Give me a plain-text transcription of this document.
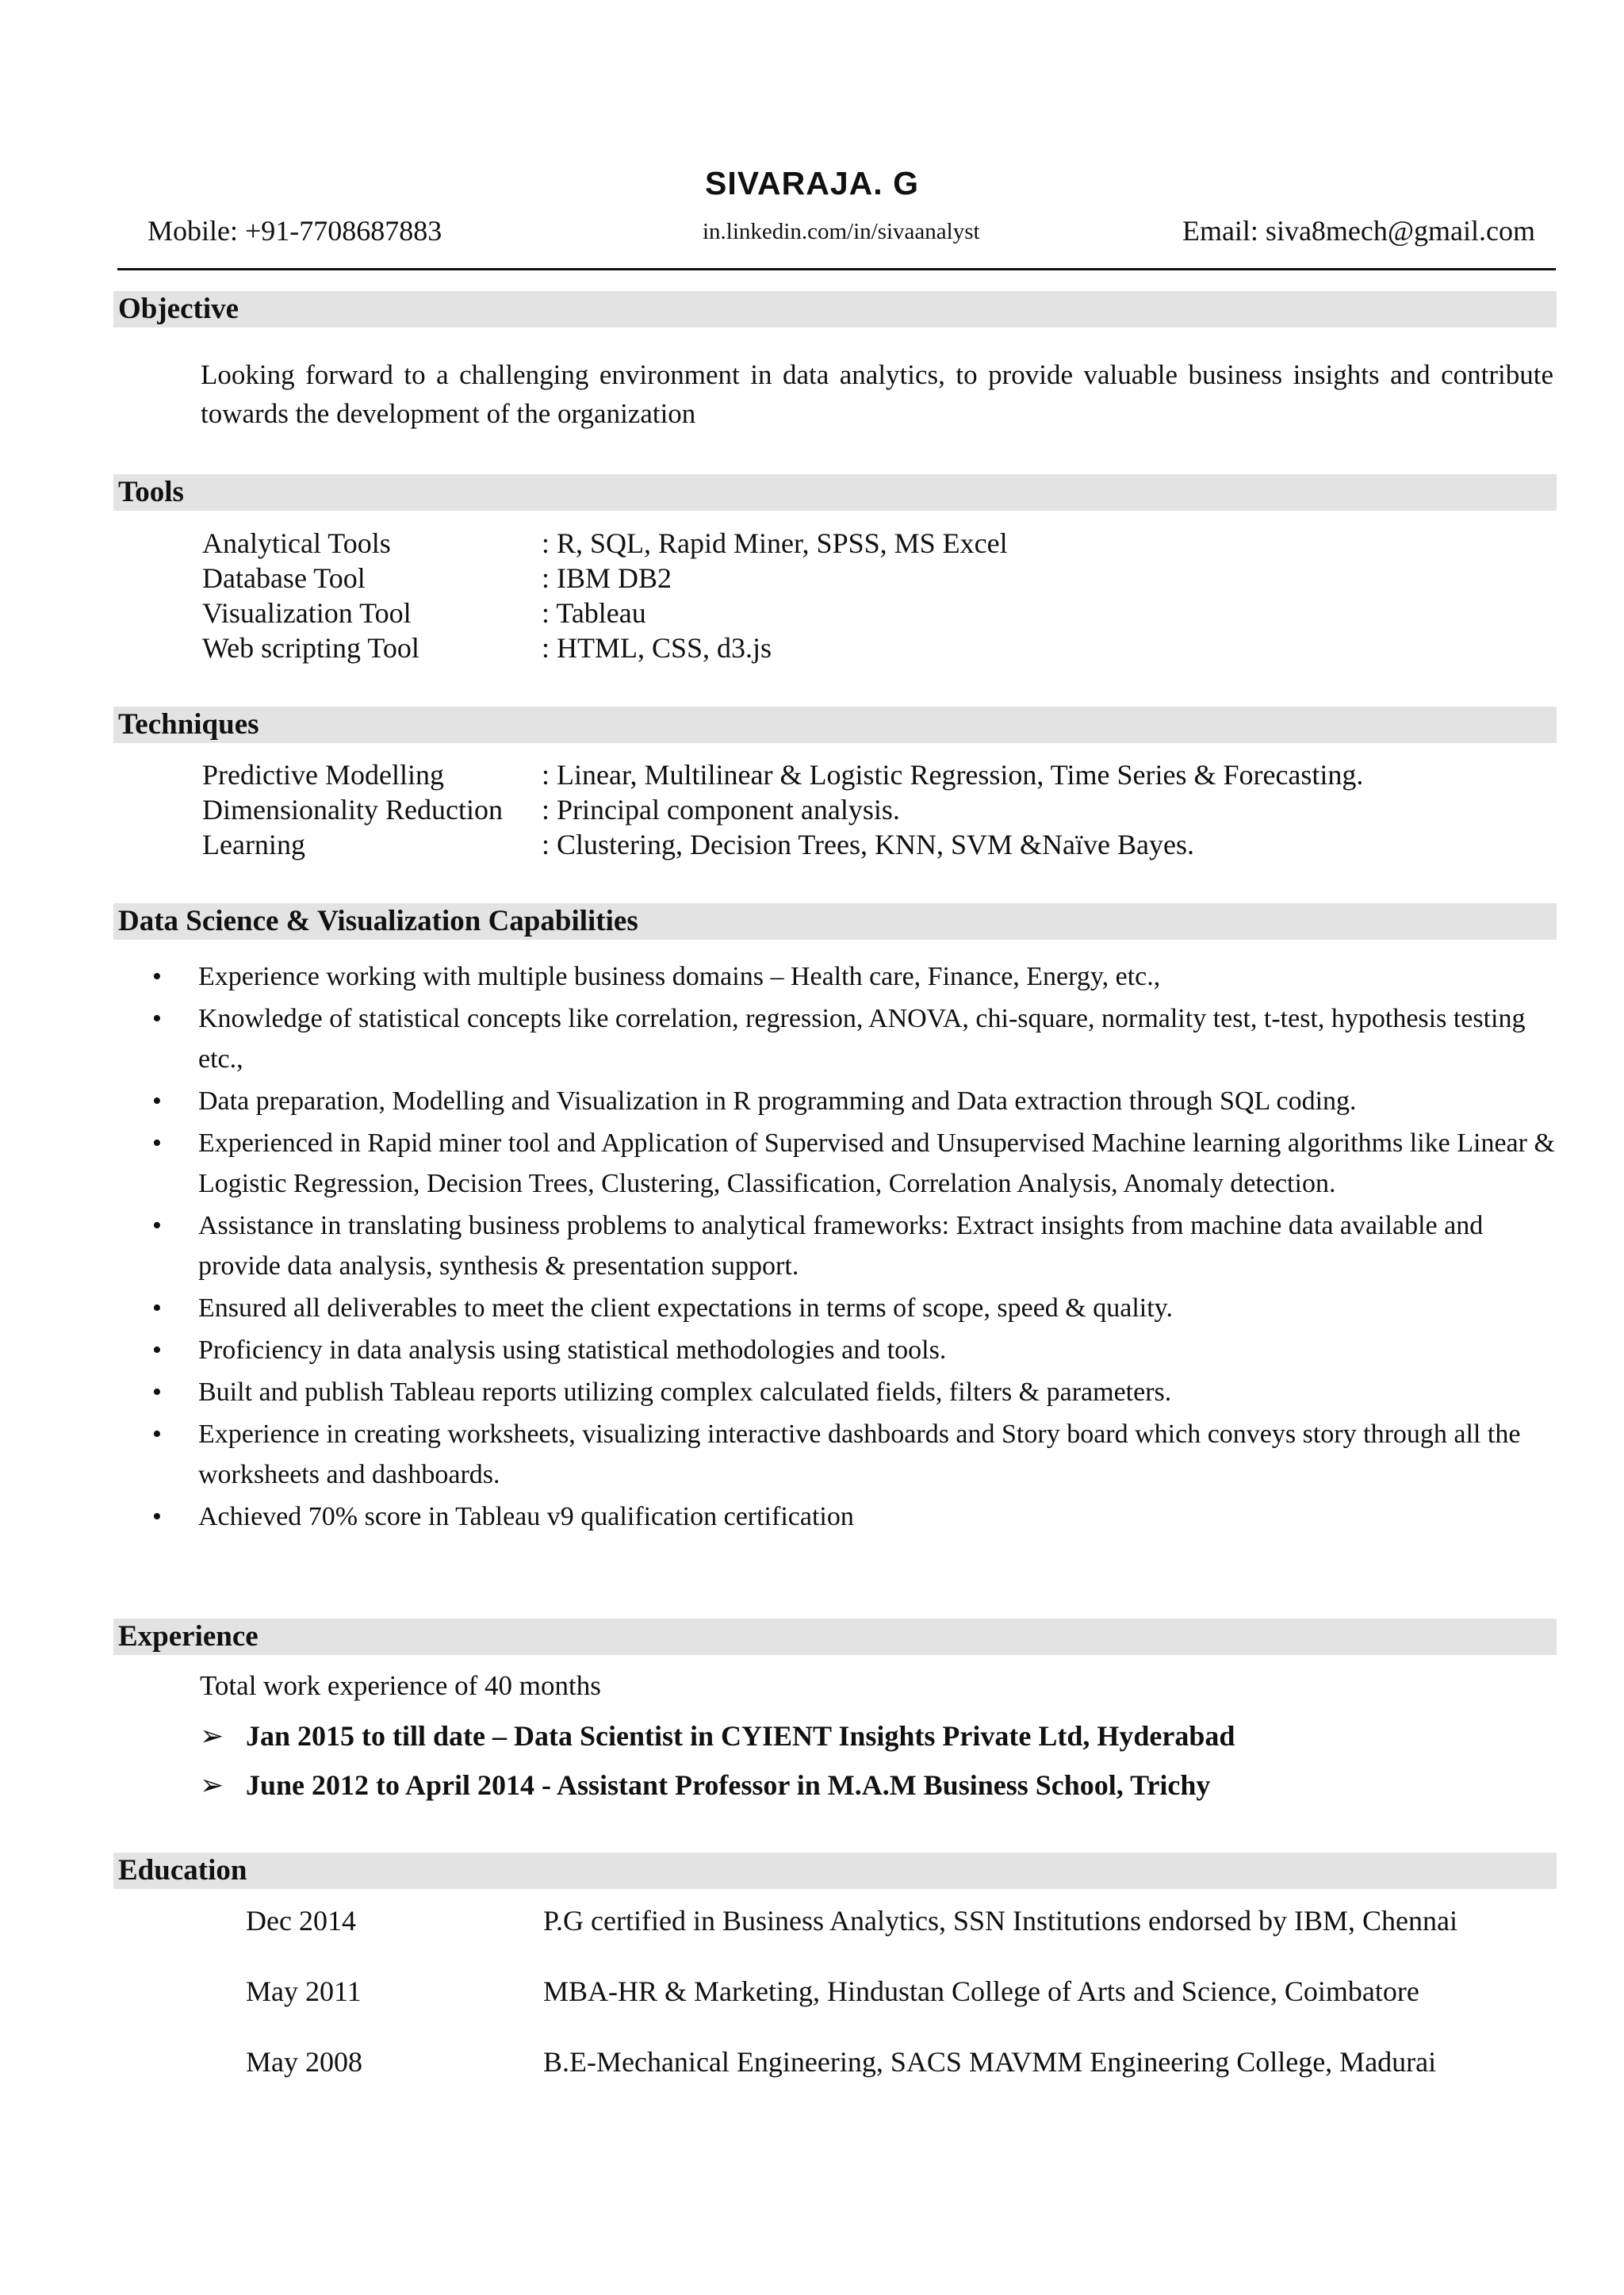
SIVARAJA. G
Mobile: +91-7708687883	in.linkedin.com/in/sivaanalyst	Email: siva8mech@gmail.com
Objective
Looking forward to a challenging environment in data analytics, to provide valuable business insights and contribute towards the development of the organization
Tools
Analytical Tools	: R, SQL, Rapid Miner, SPSS, MS Excel
Database Tool	: IBM DB2
Visualization Tool	: Tableau
Web scripting Tool	: HTML, CSS, d3.js
Techniques
Predictive Modelling	: Linear, Multilinear & Logistic Regression, Time Series & Forecasting.
Dimensionality Reduction : Principal component analysis.
Learning	: Clustering, Decision Trees, KNN, SVM &Naïve Bayes.
Data Science & Visualization Capabilities
• Experience working with multiple business domains – Health care, Finance, Energy, etc.,
• Knowledge of statistical concepts like correlation, regression, ANOVA, chi-square, normality test, t-test, hypothesis testing etc.,
• Data preparation, Modelling and Visualization in R programming and Data extraction through SQL coding.
• Experienced in Rapid miner tool and Application of Supervised and Unsupervised Machine learning algorithms like Linear & Logistic Regression, Decision Trees, Clustering, Classification, Correlation Analysis, Anomaly detection.
• Assistance in translating business problems to analytical frameworks: Extract insights from machine data available and provide data analysis, synthesis & presentation support.
• Ensured all deliverables to meet the client expectations in terms of scope, speed & quality.
• Proficiency in data analysis using statistical methodologies and tools.
• Built and publish Tableau reports utilizing complex calculated fields, filters & parameters.
• Experience in creating worksheets, visualizing interactive dashboards and Story board which conveys story through all the worksheets and dashboards.
• Achieved 70% score in Tableau v9 qualification certification
Experience
Total work experience of 40 months
➢ Jan 2015 to till date – Data Scientist in CYIENT Insights Private Ltd, Hyderabad
➢ June 2012 to April 2014 - Assistant Professor in M.A.M Business School, Trichy
Education
Dec 2014	P.G certified in Business Analytics, SSN Institutions endorsed by IBM, Chennai
May 2011	MBA-HR & Marketing, Hindustan College of Arts and Science, Coimbatore
May 2008	B.E-Mechanical Engineering, SACS MAVMM Engineering College, Madurai
